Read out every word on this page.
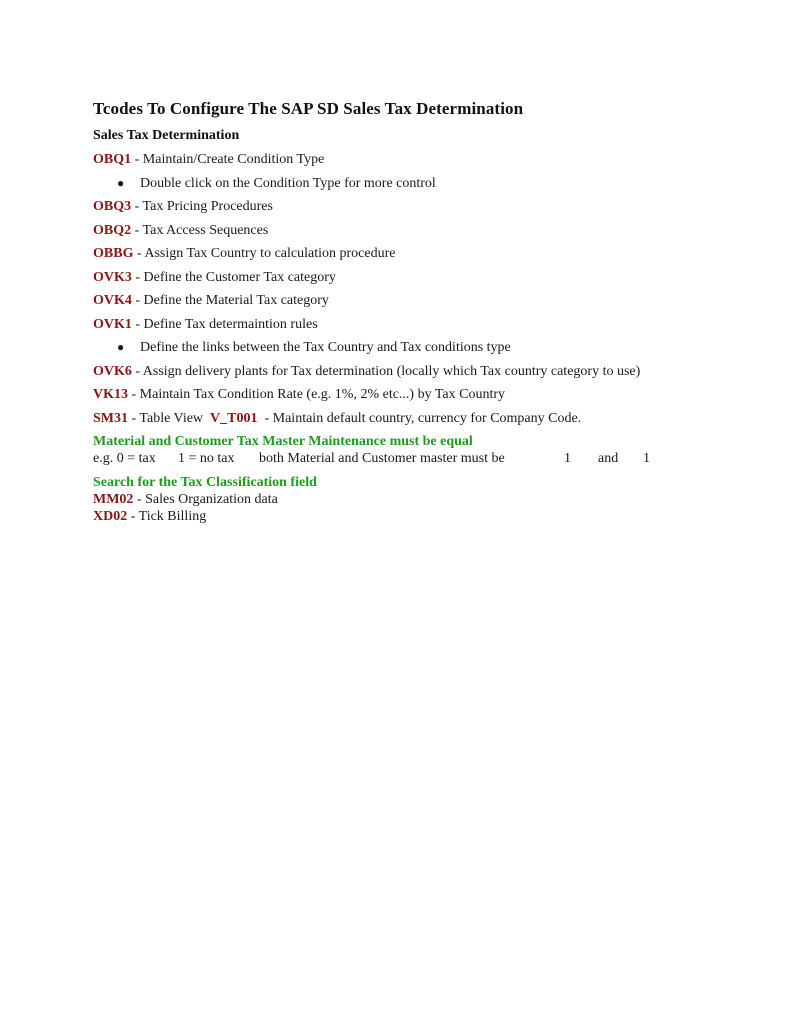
Tcodes To Configure The SAP SD Sales Tax Determination
Sales Tax Determination
OBQ1 - Maintain/Create Condition Type
● Double click on the Condition Type for more control
OBQ3 - Tax Pricing Procedures
OBQ2 - Tax Access Sequences
OBBG - Assign Tax Country to calculation procedure
OVK3 - Define the Customer Tax category
OVK4 - Define the Material Tax category
OVK1 - Define Tax determaintion rules
● Define the links between the Tax Country and Tax conditions type
OVK6 - Assign delivery plants for Tax determination (locally which Tax country category to use)
VK13 - Maintain Tax Condition Rate (e.g. 1%, 2% etc...) by Tax Country
SM31 - Table View  V_T001  - Maintain default country, currency for Company Code.
Material and Customer Tax Master Maintenance must be equal
e.g. 0 = tax 1 = no tax both Material and Customer master must be	1 and 1
Search for the Tax Classification field
MM02 - Sales Organization data
XD02 - Tick Billing
